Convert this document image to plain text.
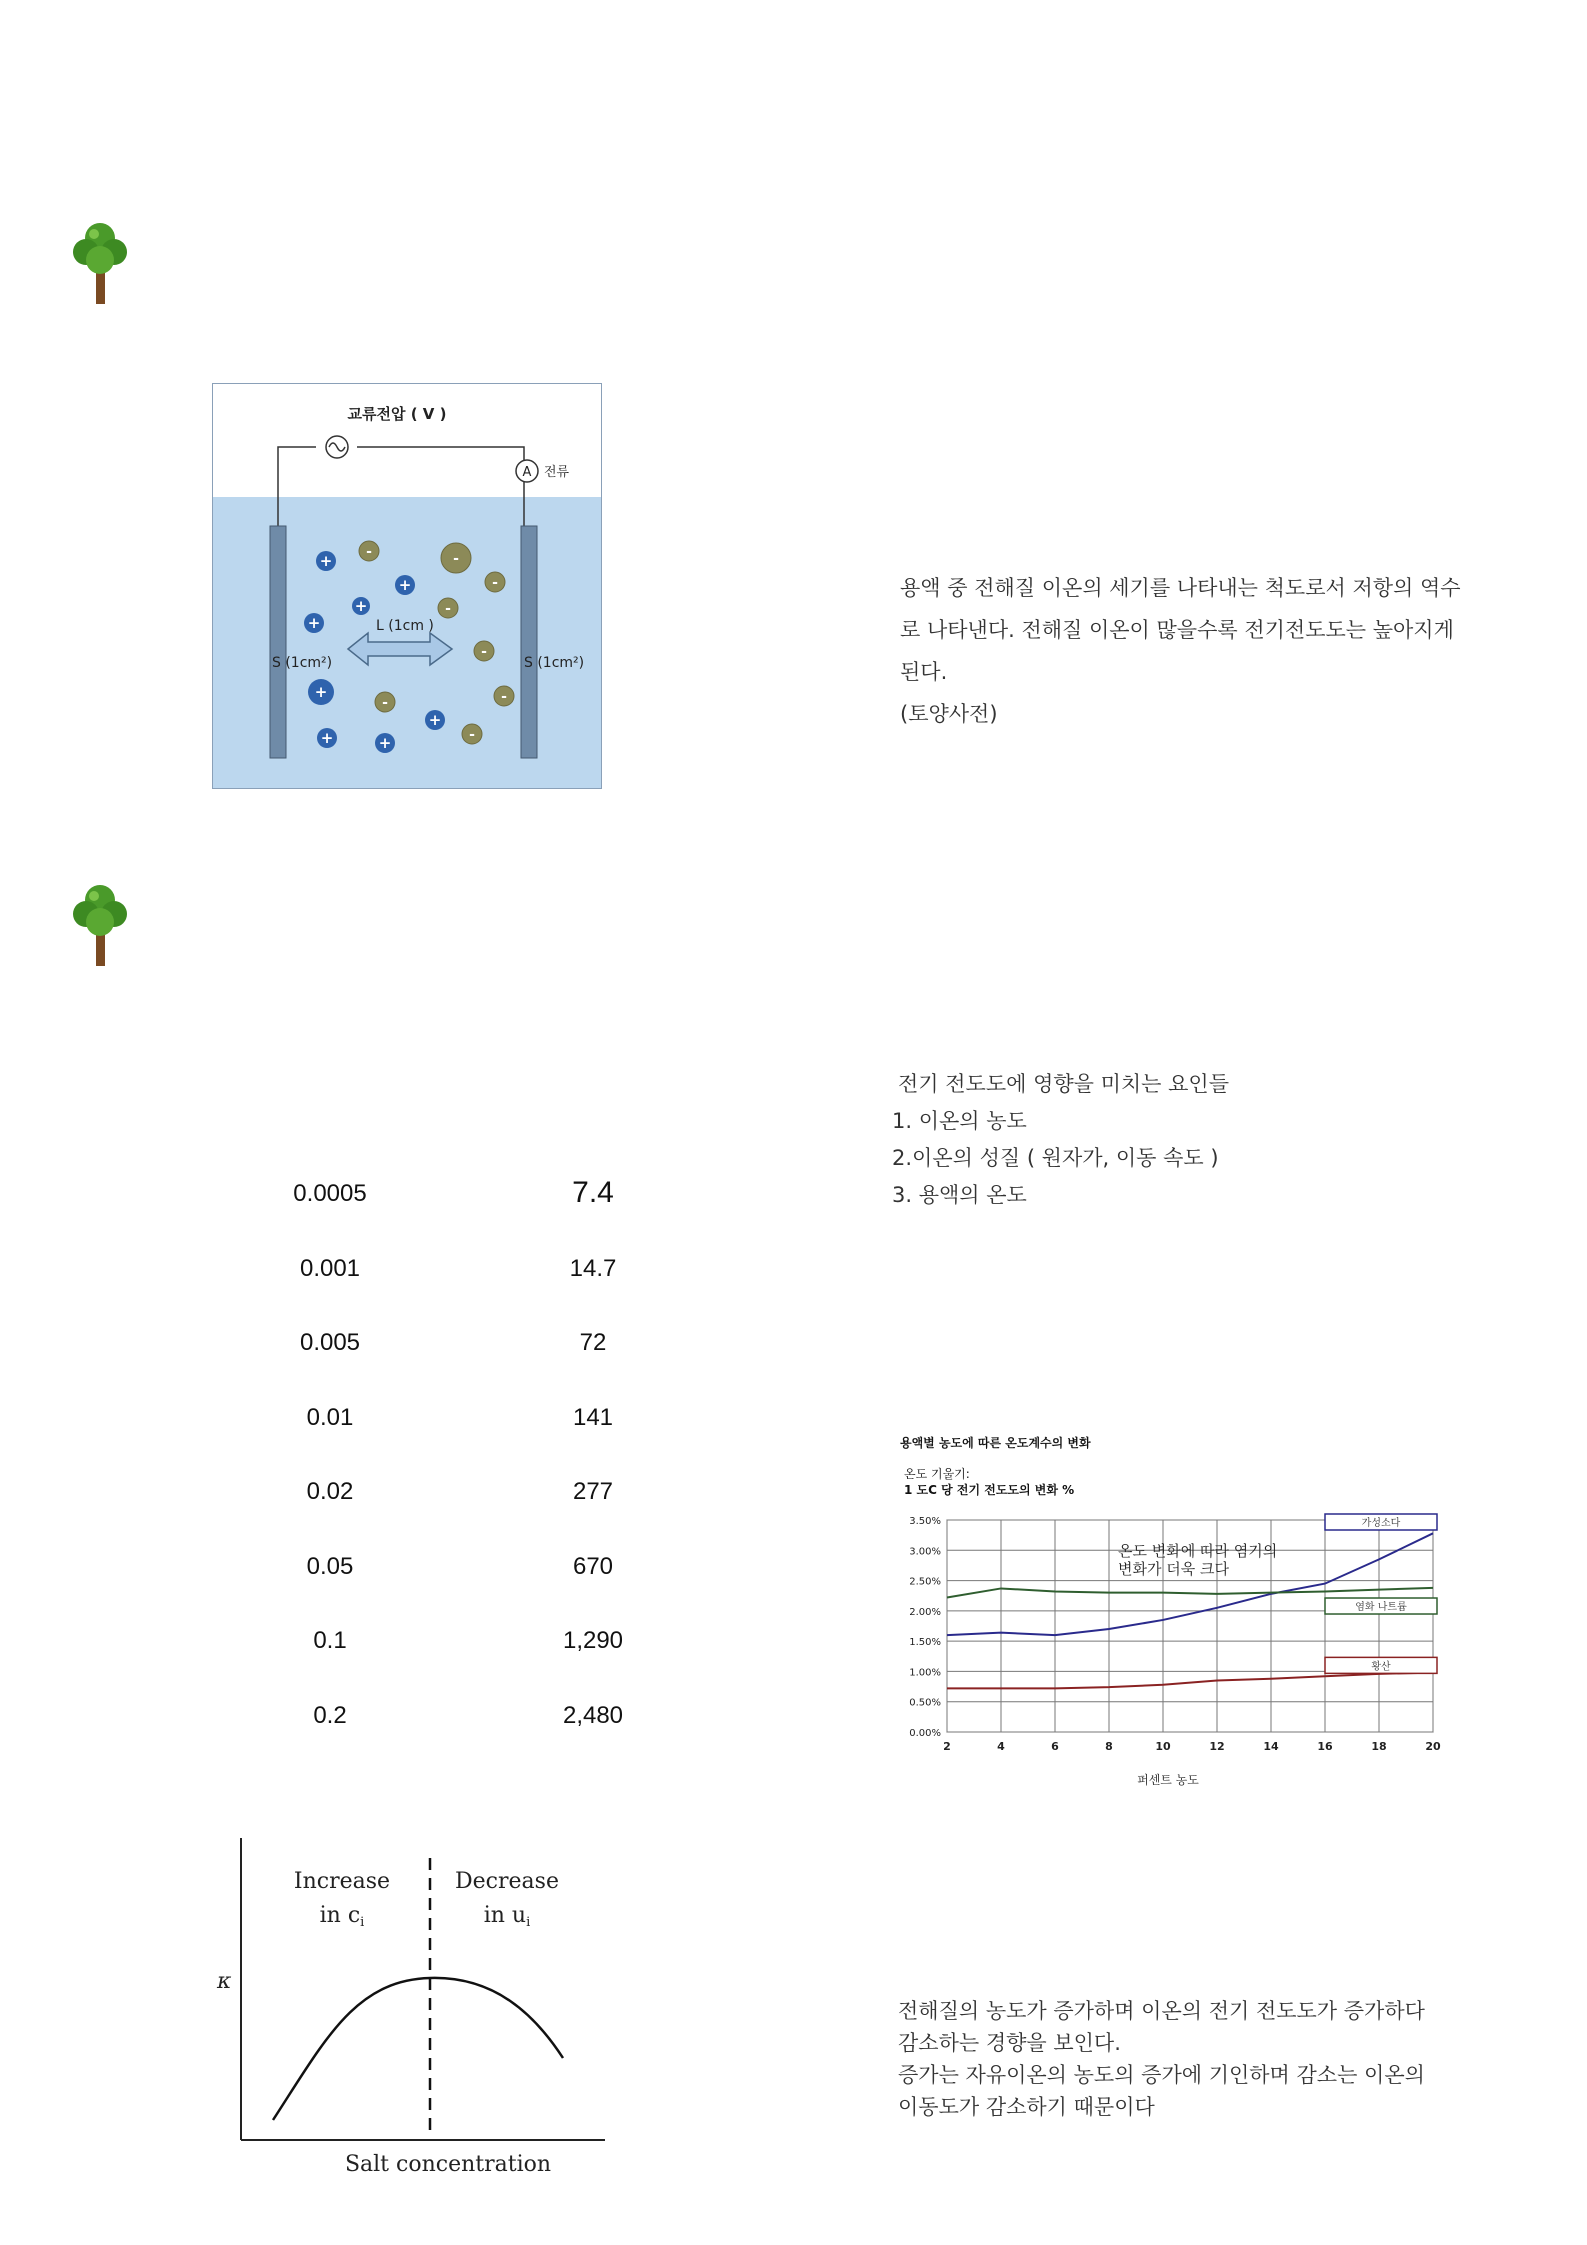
교류전압 ( V )
A 전류
S (1cm²)	S (1cm²)
L (1cm )
+
+
+
+
+
+	+
+
-	-
-
-
-
-	-
-
용액 중 전해질 이온의 세기를 나타내는 척도로서 저항의 역수
로 나타낸다. 전해질 이온이 많을수록 전기전도도는 높아지게
된다.
(토양사전)
전기 전도도에 영향을 미치는 요인들
1. 이온의 농도
2.이온의 성질 ( 원자가, 이동 속도 )
3. 용액의 온도
0.0005	7.4
0.001	14.7
0.005	72
0.01	141
0.02	277
0.05	670
0.1	1,290
0.2	2,480
용액별 농도에 따른 온도계수의 변화
온도 기울기:
1 도C 당 전기 전도도의 변화 %
0.00%
0.50%
1.00%
1.50%
2.00%
2.50%
3.00%
3.50%
2	4	6	8	10	12	14	16	18	20
가성소다
염화 나트륨
황산
온도 변화에 따라 염기의
변화가 더욱 크다
퍼센트 농도
Increase
in ci
Decrease
in ui
κ
Salt concentration
전해질의 농도가 증가하며 이온의 전기 전도도가 증가하다
감소하는 경향을 보인다.
증가는 자유이온의 농도의 증가에 기인하며 감소는 이온의
이동도가 감소하기 때문이다
